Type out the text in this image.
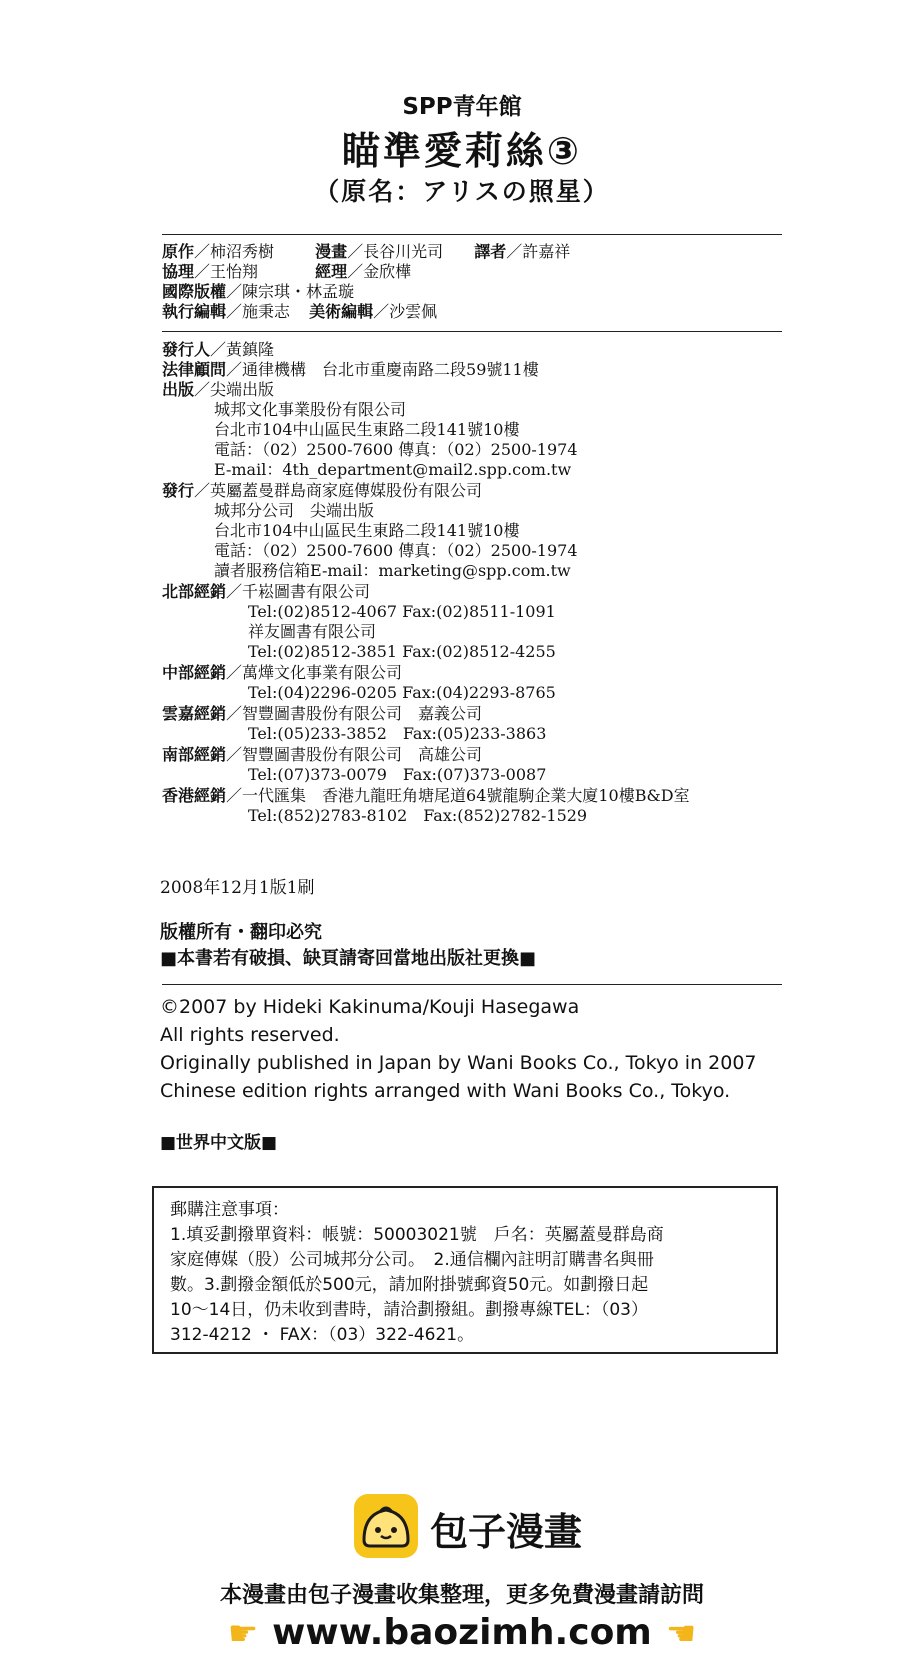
SPP青年館
瞄準愛莉絲③
（原名：アリスの照星）
原作／柿沼秀樹	漫畫／長谷川光司 譯者／許嘉祥
協理／王怡翔	經理／金欣樺
國際版權／陳宗琪・林孟璇
執行編輯／施秉志 美術編輯／沙雲佩
發行人／黃鎮隆
法律顧問／通律機構　台北市重慶南路二段59號11樓
出版／尖端出版
城邦文化事業股份有限公司
台北市104中山區民生東路二段141號10樓
電話：（02）2500-7600 傳真：（02）2500-1974
E-mail：4th_department@mail2.spp.com.tw
發行／英屬蓋曼群島商家庭傳媒股份有限公司
城邦分公司　尖端出版
台北市104中山區民生東路二段141號10樓
電話：（02）2500-7600 傳真：（02）2500-1974
讀者服務信箱E-mail：marketing@spp.com.tw
北部經銷／千崧圖書有限公司
Tel:(02)8512-4067 Fax:(02)8511-1091
祥友圖書有限公司
Tel:(02)8512-3851 Fax:(02)8512-4255
中部經銷／萬燁文化事業有限公司
Tel:(04)2296-0205 Fax:(04)2293-8765
雲嘉經銷／智豐圖書股份有限公司　嘉義公司
Tel:(05)233-3852　Fax:(05)233-3863
南部經銷／智豐圖書股份有限公司　高雄公司
Tel:(07)373-0079　Fax:(07)373-0087
香港經銷／一代匯集　香港九龍旺角塘尾道64號龍駒企業大廈10樓B&D室
Tel:(852)2783-8102　Fax:(852)2782-1529
2008年12月1版1刷
版權所有・翻印必究
■本書若有破損、缺頁請寄回當地出版社更換■
©2007 by Hideki Kakinuma/Kouji Hasegawa
All rights reserved.
Originally published in Japan by Wani Books Co., Tokyo in 2007
Chinese edition rights arranged with Wani Books Co., Tokyo.
■世界中文版■
郵購注意事項：
1.填妥劃撥單資料：帳號：50003021號　戶名：英屬蓋曼群島商
家庭傳媒（股）公司城邦分公司。　2.通信欄內註明訂購書名與冊
數。3.劃撥金額低於500元，請加附掛號郵資50元。如劃撥日起
10～14日，仍未收到書時，請洽劃撥組。劃撥專線TEL：（03）
312-4212 ・ FAX：（03）322-4621。
包子漫畫
本漫畫由包子漫畫收集整理，更多免費漫畫請訪問
☛ www.baozimh.com ☚
